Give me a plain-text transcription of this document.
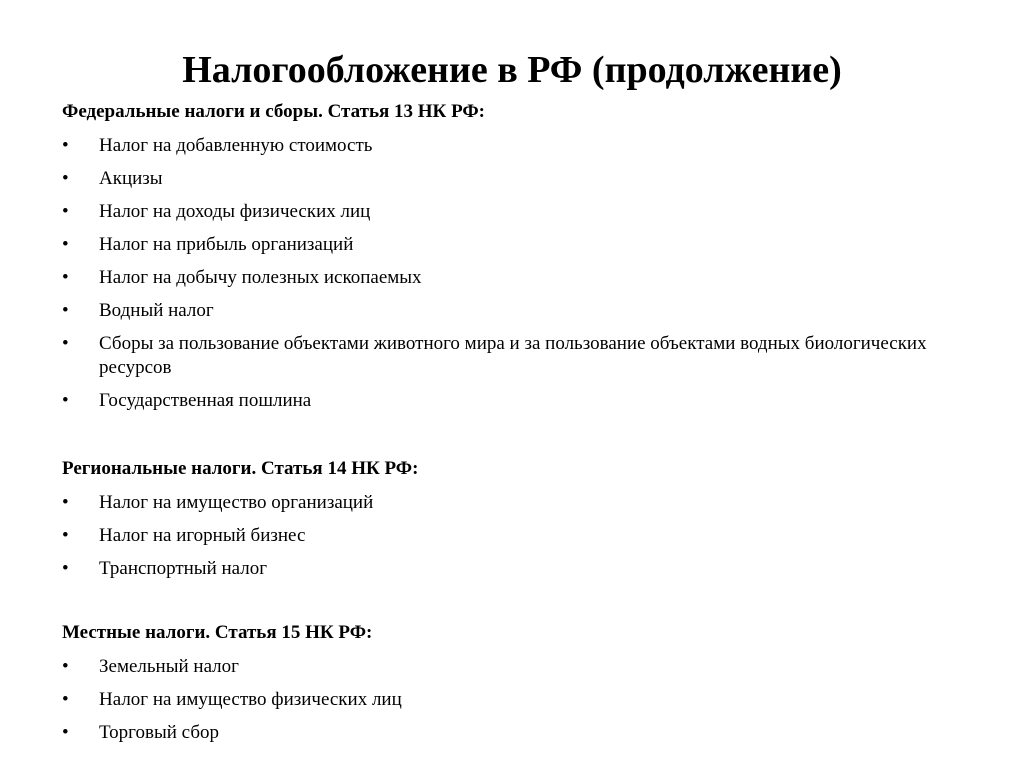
Налогообложение в РФ (продолжение)
Федеральные налоги и сборы. Статья 13 НК РФ:
• Налог на добавленную стоимость
• Акцизы
• Налог на доходы физических лиц
• Налог на прибыль организаций
• Налог на добычу полезных ископаемых
• Водный налог
• Сборы за пользование объектами животного мира и за пользование объектами водных биологических ресурсов
• Государственная пошлина
Региональные налоги. Статья 14 НК РФ:
• Налог на имущество организаций
• Налог на игорный бизнес
• Транспортный налог
Местные налоги. Статья 15 НК РФ:
• Земельный налог
• Налог на имущество физических лиц
• Торговый сбор
